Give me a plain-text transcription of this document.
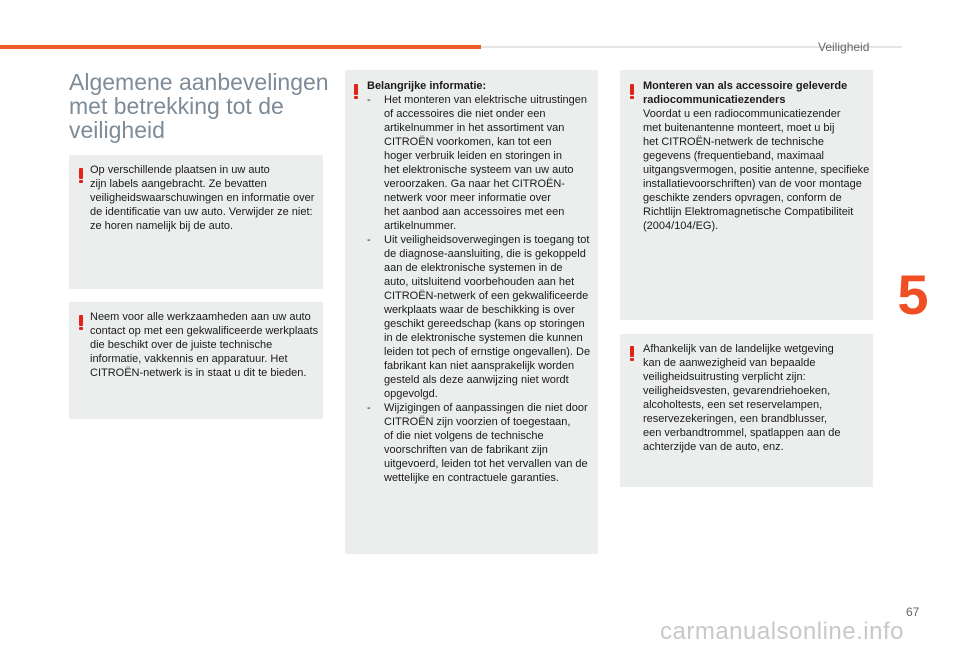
Veiligheid
5
Algemene aanbevelingen met betrekking tot de veiligheid
Op verschillende plaatsen in uw auto
zijn labels aangebracht. Ze bevatten
veiligheidswaarschuwingen en informatie over
de identificatie van uw auto. Verwijder ze niet:
ze horen namelijk bij de auto.
Neem voor alle werkzaamheden aan uw auto
contact op met een gekwalificeerde werkplaats
die beschikt over de juiste technische
informatie, vakkennis en apparatuur. Het
CITROËN-netwerk is in staat u dit te bieden.
Belangrijke informatie:
- Het monteren van elektrische uitrustingen
of accessoires die niet onder een
artikelnummer in het assortiment van
CITROËN voorkomen, kan tot een
hoger verbruik leiden en storingen in
het elektronische systeem van uw auto
veroorzaken. Ga naar het CITROËN-
netwerk voor meer informatie over
het aanbod aan accessoires met een
artikelnummer.
- Uit veiligheidsoverwegingen is toegang tot
de diagnose-aansluiting, die is gekoppeld
aan de elektronische systemen in de
auto, uitsluitend voorbehouden aan het
CITROËN-netwerk of een gekwalificeerde
werkplaats waar de beschikking is over
geschikt gereedschap (kans op storingen
in de elektronische systemen die kunnen
leiden tot pech of ernstige ongevallen). De
fabrikant kan niet aansprakelijk worden
gesteld als deze aanwijzing niet wordt
opgevolgd.
- Wijzigingen of aanpassingen die niet door
CITROËN zijn voorzien of toegestaan,
of die niet volgens de technische
voorschriften van de fabrikant zijn
uitgevoerd, leiden tot het vervallen van de
wettelijke en contractuele garanties.
Monteren van als accessoire geleverde
radiocommunicatiezenders
Voordat u een radiocommunicatiezender
met buitenantenne monteert, moet u bij
het CITROËN-netwerk de technische
gegevens (frequentieband, maximaal
uitgangsvermogen, positie antenne, specifieke
installatievoorschriften) van de voor montage
geschikte zenders opvragen, conform de
Richtlijn Elektromagnetische Compatibiliteit
(2004/104/EG).
Afhankelijk van de landelijke wetgeving
kan de aanwezigheid van bepaalde
veiligheidsuitrusting verplicht zijn:
veiligheidsvesten, gevarendriehoeken,
alcoholtests, een set reservelampen,
reservezekeringen, een brandblusser,
een verbandtrommel, spatlappen aan de
achterzijde van de auto, enz.
67
carmanualsonline.info
